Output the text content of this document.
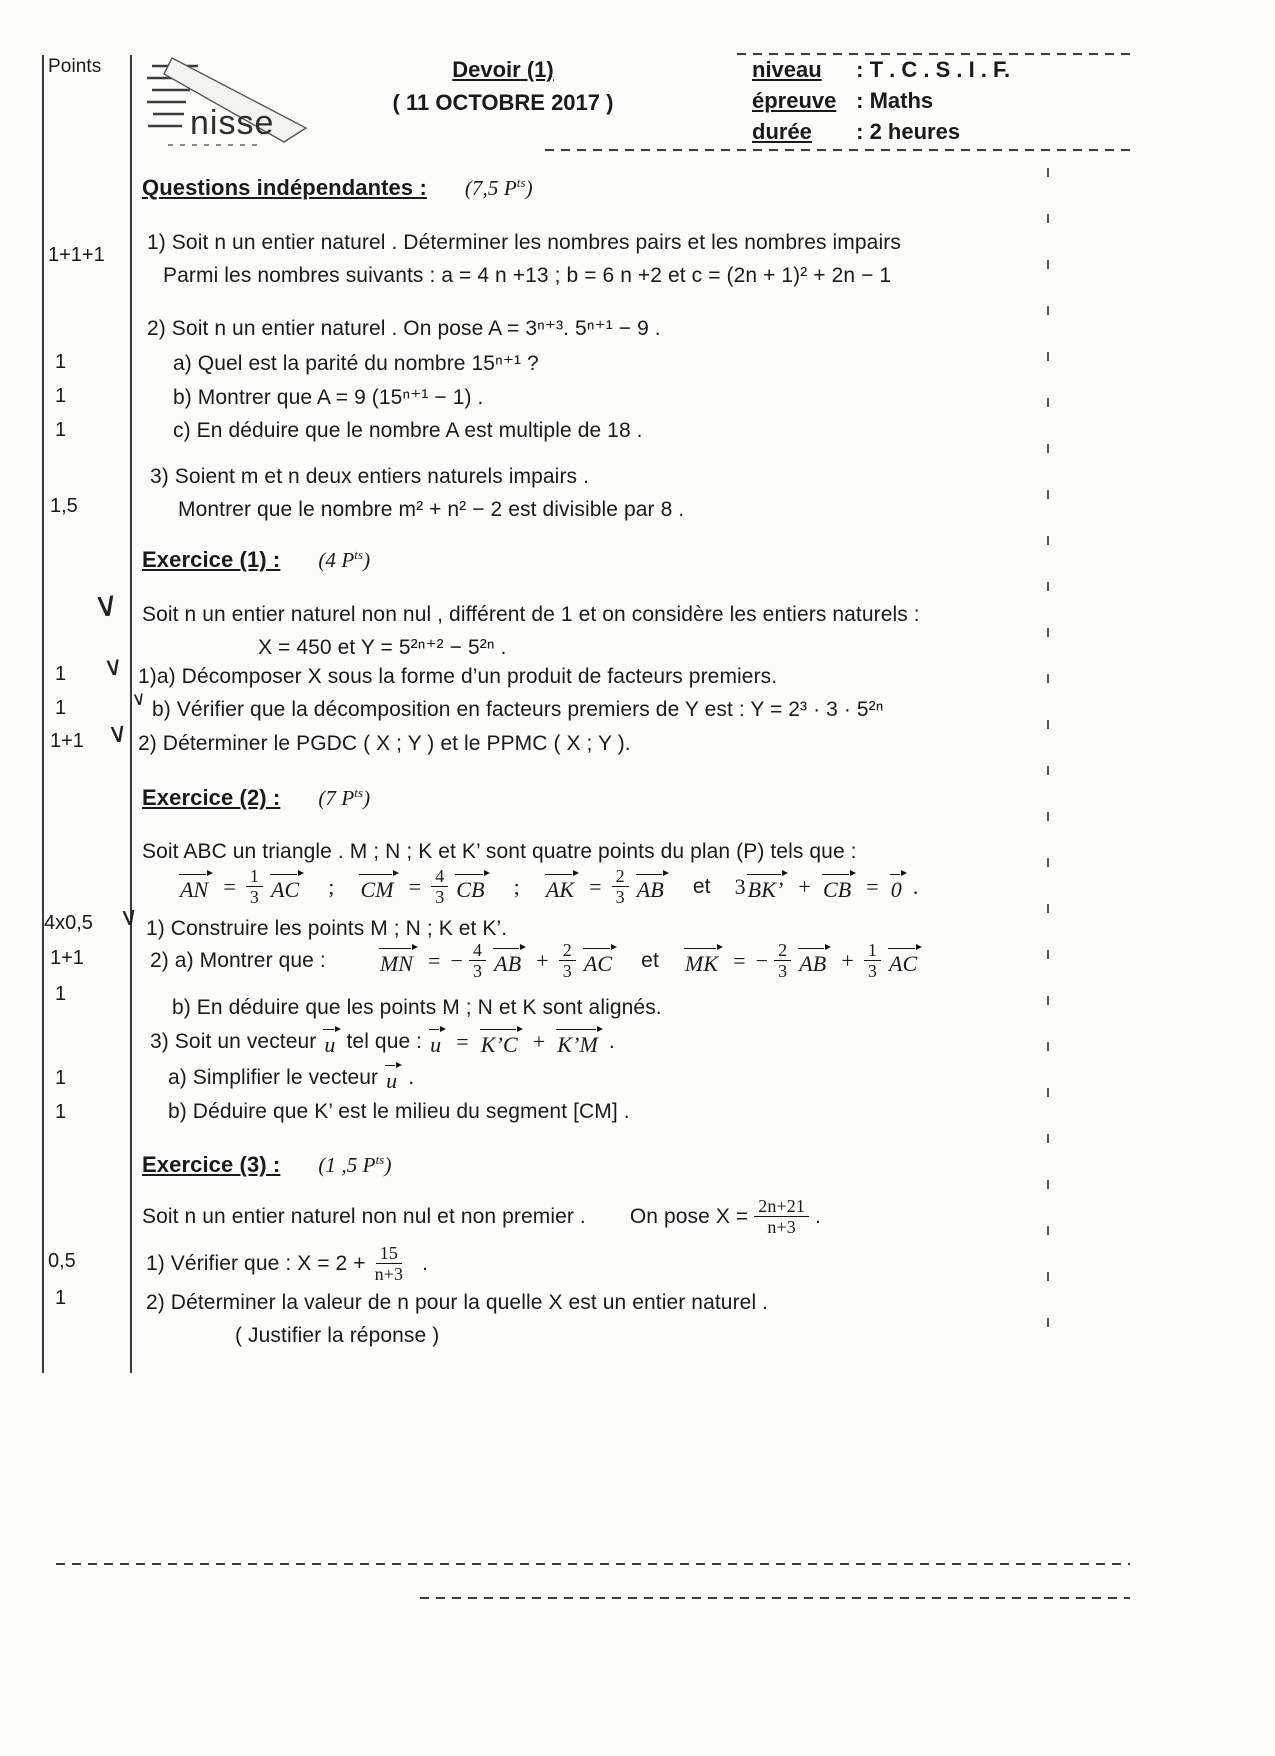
Points
nisse
Devoir (1)
( 11 OCTOBRE 2017 )
niveau : T . C . S . I . F.
épreuve : Maths
durée : 2 heures
1+1+1
1
1
1
1,5
1
1
1+1
4x0,5
1+1
1
1
1
0,5
1
∨
∨
∨
∨
∨
Questions indépendantes : (7,5 $P^{ts}$)
1) Soit n un entier naturel . Déterminer les nombres pairs et les nombres impairs
Parmi les nombres suivants : a = 4 n +13 ; b = 6 n +2 et c = (2n + 1)² + 2n − 1
2) Soit n un entier naturel . On pose A = 3ⁿ⁺³. 5ⁿ⁺¹ − 9 .
a) Quel est la parité du nombre 15ⁿ⁺¹ ?
b) Montrer que A = 9 (15ⁿ⁺¹ − 1) .
c) En déduire que le nombre A est multiple de 18 .
3) Soient m et n deux entiers naturels impairs .
Montrer que le nombre m² + n² − 2 est divisible par 8 .
Exercice (1) : (4 $P^{ts}$)
Soit n un entier naturel non nul , différent de 1 et on considère les entiers naturels :
X = 450 et Y = 5²ⁿ⁺² − 5²ⁿ .
1)a) Décomposer X sous la forme d’un produit de facteurs premiers.
b) Vérifier que la décomposition en facteurs premiers de Y est : Y = 2³ · 3 · 5²ⁿ
2) Déterminer le PGDC ( X ; Y ) et le PPMC ( X ; Y ).
Exercice (2) : (7 $P^{ts}$)
Soit ABC un triangle . M ; N ; K et K’ sont quatre points du plan (P) tels que :
AN = $\frac{1}{3}$ AC ; CM = $\frac{4}{3}$ CB ; AK = $\frac{2}{3}$ AB et 3 BK’ + CB = 0 .
1) Construire les points M ; N ; K et K’.
2) a) Montrer que : MN = − $\frac{4}{3}$ AB + $\frac{2}{3}$ AC et MK = − $\frac{2}{3}$ AB + $\frac{1}{3}$ AC
b) En déduire que les points M ; N et K sont alignés.
3) Soit un vecteur u tel que : u = K’C + K’M .
a) Simplifier le vecteur u .
b) Déduire que K’ est le milieu du segment [CM] .
Exercice (3) : (1 ,5 $P^{ts}$)
Soit n un entier naturel non nul et non premier . On pose $X = \frac{2n+21}{n+3}$ .
1) Vérifier que : $X = 2 + \frac{15}{n+3}$ .
2) Déterminer la valeur de n pour la quelle X est un entier naturel .
( Justifier la réponse )
